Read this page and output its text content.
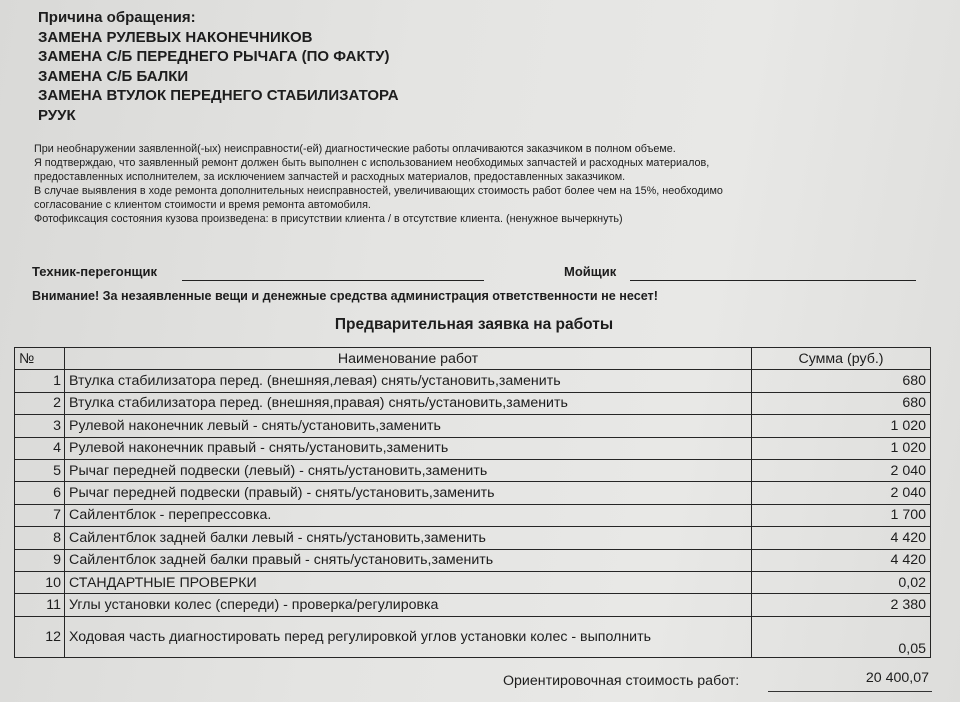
Причина обращения:
ЗАМЕНА РУЛЕВЫХ НАКОНЕЧНИКОВ
ЗАМЕНА С/Б ПЕРЕДНЕГО РЫЧАГА (ПО ФАКТУ)
ЗАМЕНА С/Б БАЛКИ
ЗАМЕНА ВТУЛОК ПЕРЕДНЕГО СТАБИЛИЗАТОРА
РУУК
При необнаружении заявленной(-ых) неисправности(-ей) диагностические работы оплачиваются заказчиком в полном объеме.
Я подтверждаю, что заявленный ремонт должен быть выполнен с использованием необходимых запчастей и расходных материалов,
предоставленных исполнителем, за исключением запчастей и расходных материалов, предоставленных заказчиком.
В случае выявления в ходе ремонта дополнительных неисправностей, увеличивающих стоимость работ более чем на 15%, необходимо
согласование с клиентом стоимости и время ремонта автомобиля.
Фотофиксация состояния кузова произведена: в присутствии клиента / в отсутствие клиента. (ненужное вычеркнуть)
Техник-перегонщик	Мойщик
Внимание! За незаявленные вещи и денежные средства администрация ответственности не несет!
Предварительная заявка на работы
№	Наименование работ	Сумма (руб.)
1	Втулка стабилизатора перед. (внешняя,левая) снять/установить,заменить	680
2	Втулка стабилизатора перед. (внешняя,правая) снять/установить,заменить	680
3	Рулевой наконечник левый - снять/установить,заменить	1 020
4	Рулевой наконечник правый - снять/установить,заменить	1 020
5	Рычаг передней подвески (левый) - снять/установить,заменить	2 040
6	Рычаг передней подвески (правый) - снять/установить,заменить	2 040
7	Сайлентблок - перепрессовка.	1 700
8	Сайлентблок задней балки левый - снять/установить,заменить	4 420
9	Сайлентблок задней балки правый - снять/установить,заменить	4 420
10	СТАНДАРТНЫЕ ПРОВЕРКИ	0,02
11	Углы установки колес (спереди) - проверка/регулировка	2 380
12	Ходовая часть диагностировать перед регулировкой углов установки колес - выполнить	0,05
Ориентировочная стоимость работ:	20 400,07
